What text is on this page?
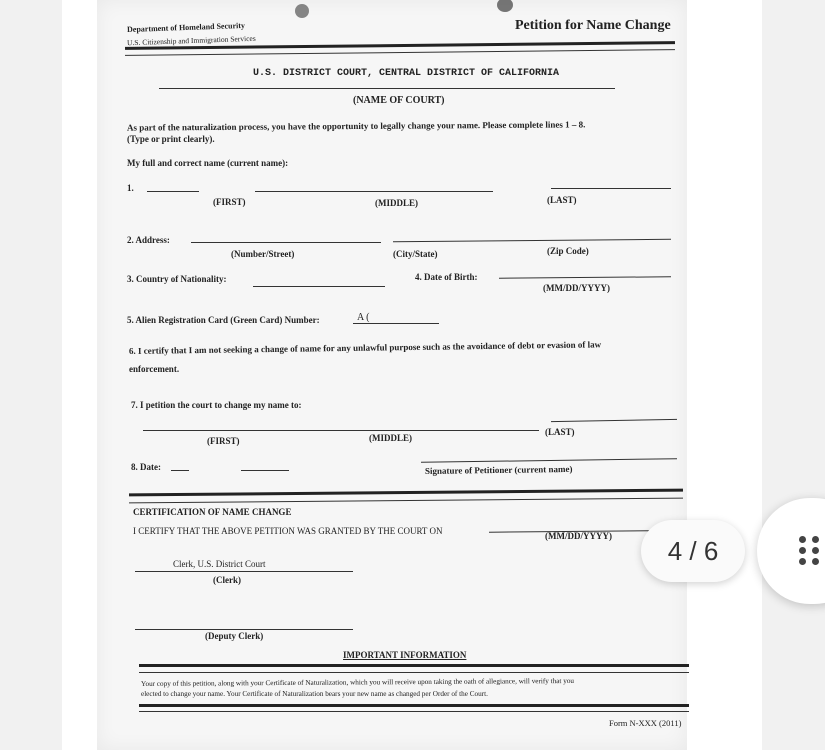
Department of Homeland Security
U.S. Citizenship and Immigration Services
Petition for Name Change
U.S. DISTRICT COURT, CENTRAL DISTRICT OF CALIFORNIA
(NAME OF COURT)
As part of the naturalization process, you have the opportunity to legally change your name. Please complete lines 1 – 8.
(Type or print clearly).
My full and correct name (current name):
1.
(FIRST)	(MIDDLE)	(LAST)
2. Address:
(Number/Street)	(City/State)	(Zip Code)
3. Country of Nationality:	4. Date of Birth:
(MM/DD/YYYY)
5. Alien Registration Card (Green Card) Number:	A (
6. I certify that I am not seeking a change of name for any unlawful purpose such as the avoidance of debt or evasion of law
enforcement.
7. I petition the court to change my name to:
(FIRST)	(MIDDLE)
(LAST)
8. Date:	Signature of Petitioner (current name)
CERTIFICATION OF NAME CHANGE
I CERTIFY THAT THE ABOVE PETITION WAS GRANTED BY THE COURT ON	(MM/DD/YYYY)
Clerk, U.S. District Court
(Clerk)
(Deputy Clerk)
IMPORTANT INFORMATION
Your copy of this petition, along with your Certificate of Naturalization, which you will receive upon taking the oath of allegiance, will verify that you
elected to change your name. Your Certificate of Naturalization bears your new name as changed per Order of the Court.
Form N-XXX (2011)
4 / 6
